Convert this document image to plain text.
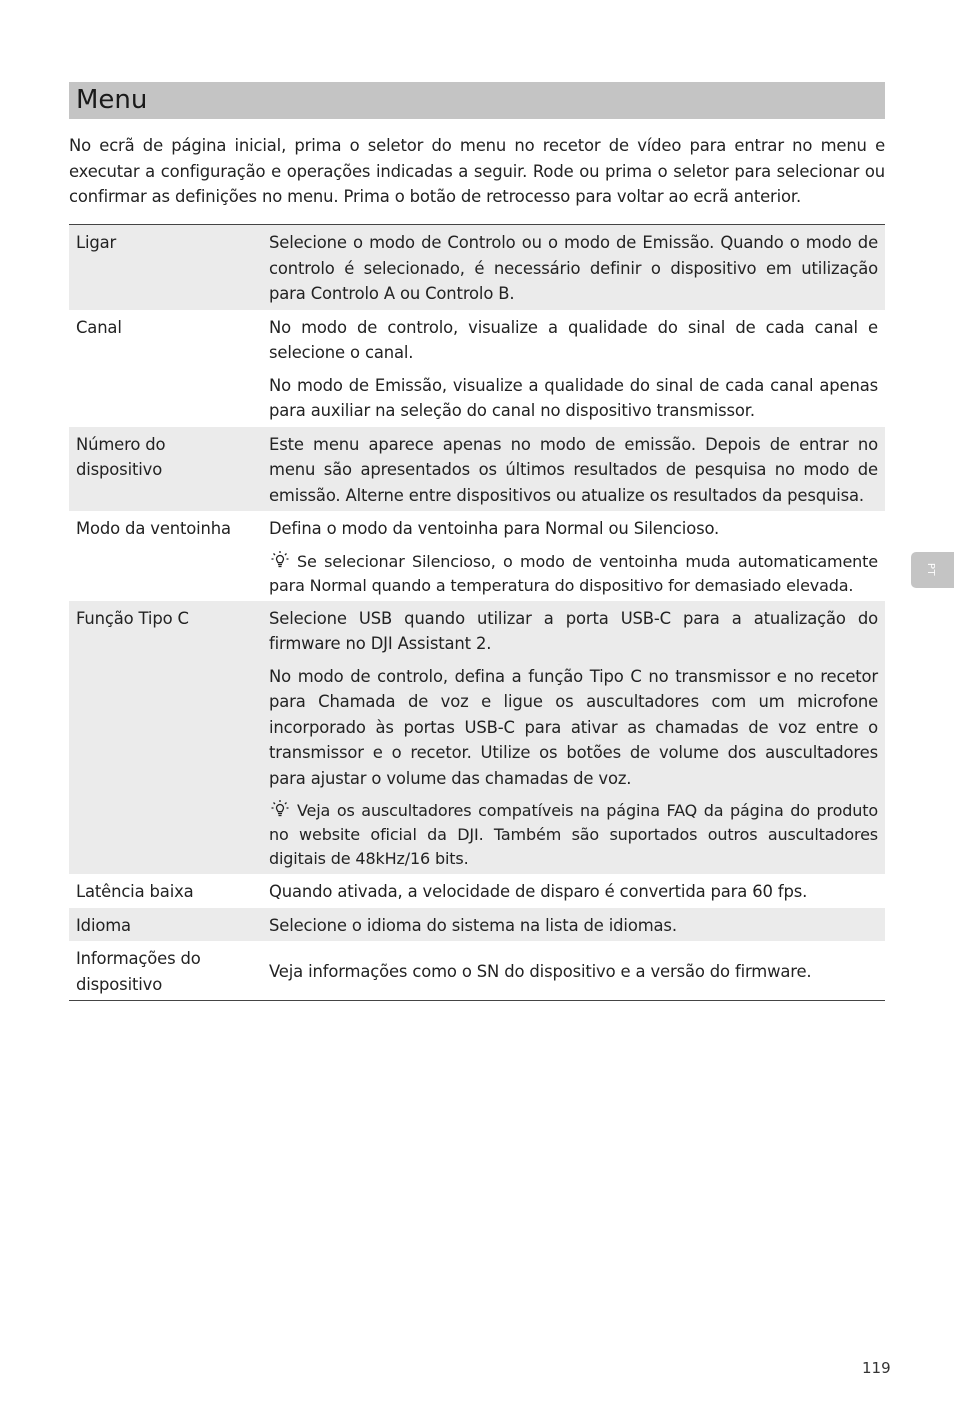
Menu

No ecrã de página inicial, prima o seletor do menu no recetor de vídeo para entrar no menu e executar a configuração e operações indicadas a seguir. Rode ou prima o seletor para selecionar ou confirmar as definições no menu. Prima o botão de retrocesso para voltar ao ecrã anterior.

Ligar	Selecione o modo de Controlo ou o modo de Emissão. Quando o modo de controlo é selecionado, é necessário definir o dispositivo em utilização para Controlo A ou Controlo B.

Canal	No modo de controlo, visualize a qualidade do sinal de cada canal e selecione o canal.

No modo de Emissão, visualize a qualidade do sinal de cada canal apenas para auxiliar na seleção do canal no dispositivo transmissor.

Número do dispositivo	Este menu aparece apenas no modo de emissão. Depois de entrar no menu são apresentados os últimos resultados de pesquisa no modo de emissão. Alterne entre dispositivos ou atualize os resultados da pesquisa.

Modo da ventoinha	Defina o modo da ventoinha para Normal ou Silencioso.

Se selecionar Silencioso, o modo de ventoinha muda automaticamente para Normal quando a temperatura do dispositivo for demasiado elevada.

Função Tipo C	Selecione USB quando utilizar a porta USB-C para a atualização do firmware no DJI Assistant 2.

No modo de controlo, defina a função Tipo C no transmissor e no recetor para Chamada de voz e ligue os auscultadores com um microfone incorporado às portas USB-C para ativar as chamadas de voz entre o transmissor e o recetor. Utilize os botões de volume dos auscultadores para ajustar o volume das chamadas de voz.

Veja os auscultadores compatíveis na página FAQ da página do produto no website oficial da DJI. Também são suportados outros auscultadores digitais de 48kHz/16 bits.

Latência baixa	Quando ativada, a velocidade de disparo é convertida para 60 fps.

Idioma	Selecione o idioma do sistema na lista de idiomas.

Informações do dispositivo	Veja informações como o SN do dispositivo e a versão do firmware.

PT
119
